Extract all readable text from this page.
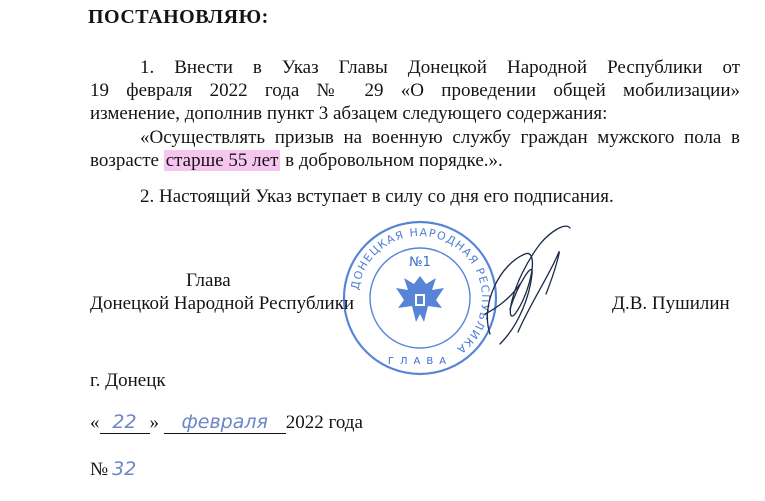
ПОСТАНОВЛЯЮ:
1. Внести в Указ Главы Донецкой Народной Республики от
19 февраля 2022 года № 29 «О проведении общей мобилизации»
изменение, дополнив пункт 3 абзацем следующего содержания:
«Осуществлять призыв на военную службу граждан мужского пола в
возрасте старше 55 лет в добровольном порядке.».
2. Настоящий Указ вступает в силу со дня его подписания.
ДОНЕЦКАЯ НАРОДНАЯ РЕСПУБЛИКА
№1
ГЛАВА
Глава
Донецкой Народной Республики	Д.В. Пушилин
г. Донецк
« 22 » февраля 2022 года
№ 32
